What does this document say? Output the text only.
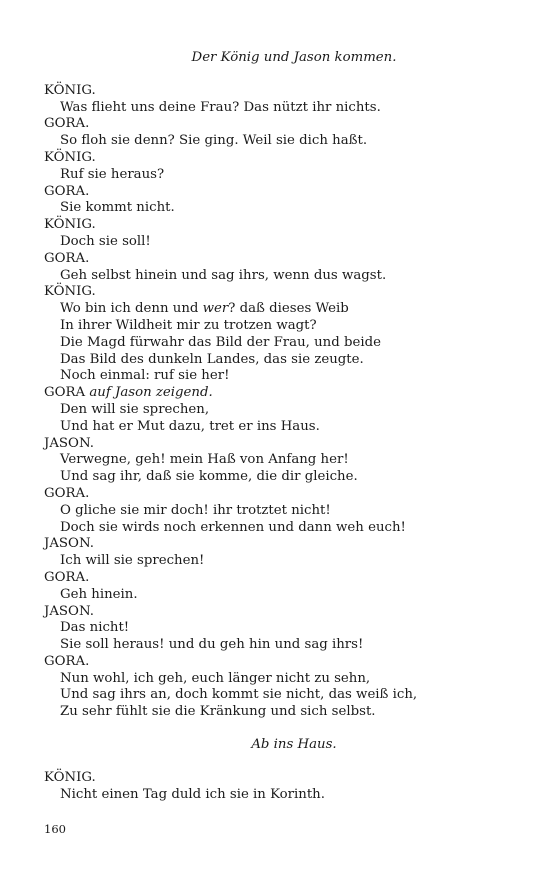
Der König und Jason kommen.
KÖNIG.
Was flieht uns deine Frau? Das nützt ihr nichts.
GORA.
So floh sie denn? Sie ging. Weil sie dich haßt.
KÖNIG.
Ruf sie heraus?
GORA.
Sie kommt nicht.
KÖNIG.
Doch sie soll!
GORA.
Geh selbst hinein und sag ihrs, wenn dus wagst.
KÖNIG.
Wo bin ich denn und wer? daß dieses Weib
In ihrer Wildheit mir zu trotzen wagt?
Die Magd fürwahr das Bild der Frau, und beide
Das Bild des dunkeln Landes, das sie zeugte.
Noch einmal: ruf sie her!
GORA auf Jason zeigend.
Den will sie sprechen,
Und hat er Mut dazu, tret er ins Haus.
JASON.
Verwegne, geh! mein Haß von Anfang her!
Und sag ihr, daß sie komme, die dir gleiche.
GORA.
O gliche sie mir doch! ihr trotztet nicht!
Doch sie wirds noch erkennen und dann weh euch!
JASON.
Ich will sie sprechen!
GORA.
Geh hinein.
JASON.
Das nicht!
Sie soll heraus! und du geh hin und sag ihrs!
GORA.
Nun wohl, ich geh, euch länger nicht zu sehn,
Und sag ihrs an, doch kommt sie nicht, das weiß ich,
Zu sehr fühlt sie die Kränkung und sich selbst.
Ab ins Haus.
KÖNIG.
Nicht einen Tag duld ich sie in Korinth.
160
